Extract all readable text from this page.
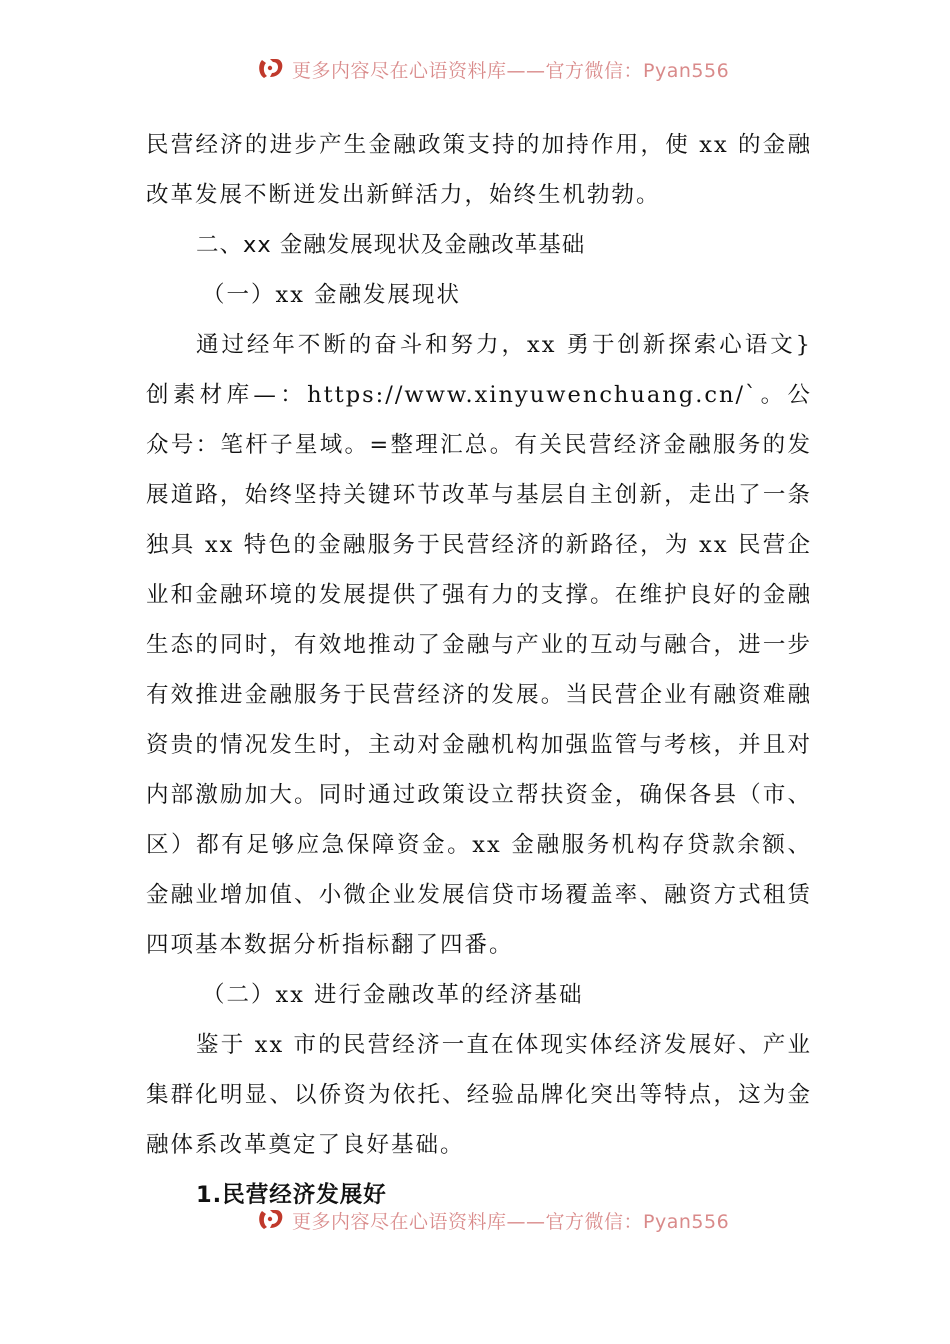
更多内容尽在心语资料库——官方微信：Pyan556

民营经济的进步产生金融政策支持的加持作用，使 xx 的金融改革发展不断迸发出新鲜活力，始终生机勃勃。

二、xx 金融发展现状及金融改革基础

（一）xx 金融发展现状

通过经年不断的奋斗和努力，xx 勇于创新探索心语文}创素材库—：https://www.xinyuwenchuang.cn/`。公众号：笔杆子星域。=整理汇总。有关民营经济金融服务的发展道路，始终坚持关键环节改革与基层自主创新，走出了一条独具 xx 特色的金融服务于民营经济的新路径，为 xx 民营企业和金融环境的发展提供了强有力的支撑。在维护良好的金融生态的同时，有效地推动了金融与产业的互动与融合，进一步有效推进金融服务于民营经济的发展。当民营企业有融资难融资贵的情况发生时，主动对金融机构加强监管与考核，并且对内部激励加大。同时通过政策设立帮扶资金，确保各县（市、区）都有足够应急保障资金。xx 金融服务机构存贷款余额、金融业增加值、小微企业发展信贷市场覆盖率、融资方式租赁四项基本数据分析指标翻了四番。

（二）xx 进行金融改革的经济基础

鉴于 xx 市的民营经济一直在体现实体经济发展好、产业集群化明显、以侨资为依托、经验品牌化突出等特点，这为金融体系改革奠定了良好基础。

1.民营经济发展好

更多内容尽在心语资料库——官方微信：Pyan556
